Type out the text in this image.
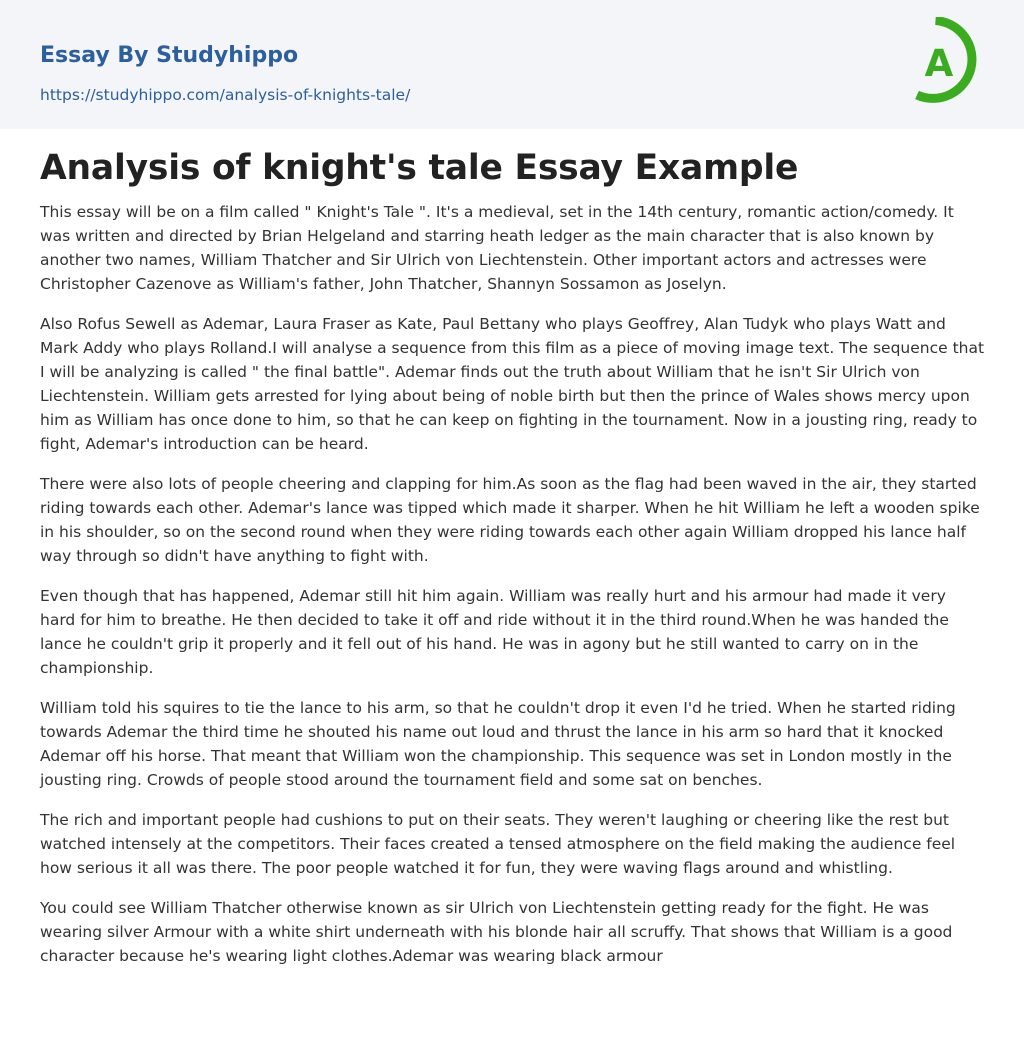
Essay By Studyhippo
https://studyhippo.com/analysis-of-knights-tale/
A
Analysis of knight's tale Essay Example

This essay will be on a film called " Knight's Tale ". It's a medieval, set in the 14th century, romantic action/comedy. It was written and directed by Brian Helgeland and starring heath ledger as the main character that is also known by another two names, William Thatcher and Sir Ulrich von Liechtenstein. Other important actors and actresses were Christopher Cazenove as William's father, John Thatcher, Shannyn Sossamon as Joselyn.

Also Rofus Sewell as Ademar, Laura Fraser as Kate, Paul Bettany who plays Geoffrey, Alan Tudyk who plays Watt and Mark Addy who plays Rolland.I will analyse a sequence from this film as a piece of moving image text. The sequence that I will be analyzing is called " the final battle". Ademar finds out the truth about William that he isn't Sir Ulrich von Liechtenstein. William gets arrested for lying about being of noble birth but then the prince of Wales shows mercy upon him as William has once done to him, so that he can keep on fighting in the tournament. Now in a jousting ring, ready to fight, Ademar's introduction can be heard.

There were also lots of people cheering and clapping for him.As soon as the flag had been waved in the air, they started riding towards each other. Ademar's lance was tipped which made it sharper. When he hit William he left a wooden spike in his shoulder, so on the second round when they were riding towards each other again William dropped his lance half way through so didn't have anything to fight with.

Even though that has happened, Ademar still hit him again. William was really hurt and his armour had made it very hard for him to breathe. He then decided to take it off and ride without it in the third round.When he was handed the lance he couldn't grip it properly and it fell out of his hand. He was in agony but he still wanted to carry on in the championship.

William told his squires to tie the lance to his arm, so that he couldn't drop it even I'd he tried. When he started riding towards Ademar the third time he shouted his name out loud and thrust the lance in his arm so hard that it knocked Ademar off his horse. That meant that William won the championship. This sequence was set in London mostly in the jousting ring. Crowds of people stood around the tournament field and some sat on benches.

The rich and important people had cushions to put on their seats. They weren't laughing or cheering like the rest but watched intensely at the competitors. Their faces created a tensed atmosphere on the field making the audience feel how serious it all was there. The poor people watched it for fun, they were waving flags around and whistling.

You could see William Thatcher otherwise known as sir Ulrich von Liechtenstein getting ready for the fight. He was wearing silver Armour with a white shirt underneath with his blonde hair all scruffy. That shows that William is a good character because he's wearing light clothes.Ademar was wearing black armour
